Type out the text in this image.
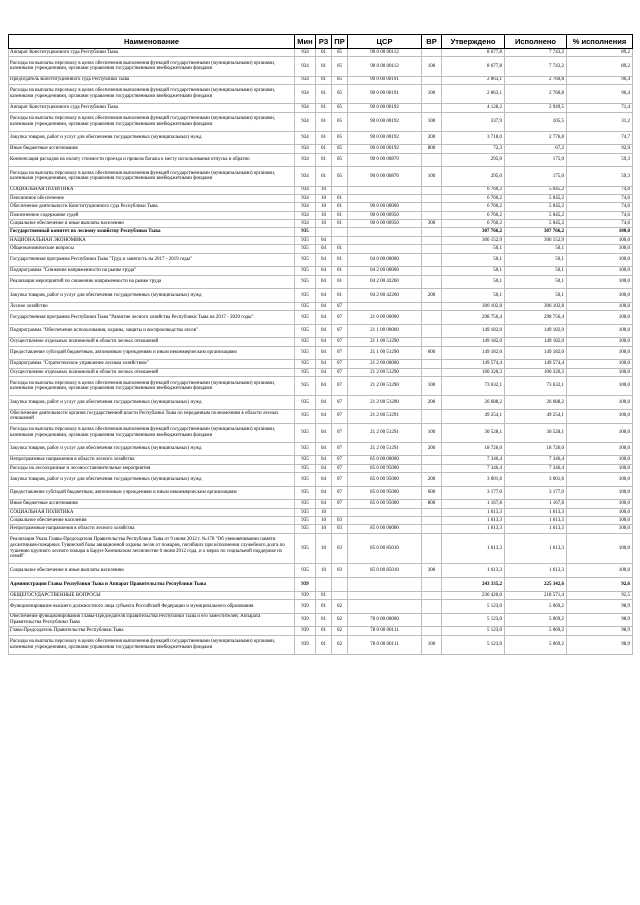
Наименование	Мин	РЗ	ПР	ЦСР	ВР	Утверждено	Исполнено	% исполнения
Аппарат Конституционного суда Республики Тыва	934	01	05	90 0 00 00112		8 677,8	7 743,2	89,2
Расходы на выплаты персоналу в целях обеспечения выполнения функций государственными (муниципальными) органами, казенными учреждениями, органами управления государственными внебюджетными фондами	934	01	05	90 0 00 00112	100	8 677,8	7 743,2	89,2
Председатель Конституционного суда Республики Тыва	934	01	05	90 0 00 00191		2 863,1	2 760,8	96,4
Расходы на выплаты персоналу в целях обеспечения выполнения функций государственными (муниципальными) органами, казенными учреждениями, органами управления государственными внебюджетными фондами	934	01	05	90 0 00 00191	100	2 863,1	2 760,8	96,4
Аппарат Конституционного суда Республики Тыва	934	01	05	90 0 00 00192		4 128,2	2 949,5	71,4
Расходы на выплаты персоналу в целях обеспечения выполнения функций государственными (муниципальными) органами, казенными учреждениями, органами управления государственными внебюджетными фондами	934	01	05	90 0 00 00192	100	337,9	105,5	31,2
Закупка товаров, работ и услуг для обеспечения государственных (муниципальных) нужд	934	01	05	90 0 00 00192	200	3 718,0	2 776,8	74,7
Иные бюджетные ассигнования	934	01	05	90 0 00 00192	800	72,3	67,2	92,9
Компенсация расходов на оплату стоимости проезда и провоза багажа к месту использования отпуска и обратно	934	01	05	90 0 00 00870		295,0	175,0	59,3
Расходы на выплаты персоналу в целях обеспечения выполнения функций государственными (муниципальными) органами, казенными учреждениями, органами управления государственными внебюджетными фондами	934	01	05	90 0 00 00870	100	295,0	175,0	59,3
СОЦИАЛЬНАЯ ПОЛИТИКА	934	10				6 760,2	5 045,2	74,6
Пенсионное обеспечение	934	10	01			6 760,2	5 045,2	74,6
Обеспечение деятельности Конституционного суда Республики Тыва	934	10	01	90 0 00 00000		6 760,2	5 045,2	74,6
Пожизненное содержание судей	934	10	01	90 0 00 00950		6 760,2	5 045,2	74,6
Социальное обеспечение и иные выплаты населению	934	10	01	90 0 00 00950	300	6 760,2	5 045,2	74,6
Государственный комитет по лесному хозяйству Республики Тыва	935					307 766,2	307 766,2	100,0
НАЦИОНАЛЬНАЯ ЭКОНОМИКА	935	04				306 152,9	306 152,9	100,0
Общеэкономические вопросы	935	04	01			50,1	50,1	100,0
Государственная программа Республики Тыва "Труд и занятость на 2017 - 2019 годы"	935	04	01	04 0 00 00000		50,1	50,1	100,0
Подпрограмма "Снижение напряженности на рынке труда"	935	04	01	04 2 00 00000		50,1	50,1	100,0
Реализация мероприятий по снижению напряженности на рынке труда	935	04	01	04 2 00 42260		50,1	50,1	100,0
Закупка товаров, работ и услуг для обеспечения государственных (муниципальных) нужд	935	04	01	04 2 00 42260	200	50,1	50,1	100,0
Лесное хозяйство	935	04	07			306 102,8	306 102,8	100,0
Государственная программа Республики Тыва "Развитие лесного хозяйства Республики Тыва на 2017 - 2020 годы"	935	04	07	21 0 00 00000		298 756,4	298 756,4	100,0
Подпрограмма "Обеспечение использования, охраны, защиты и воспроизводства лесов"	935	04	07	21 1 00 00000		149 182,0	149 182,0	100,0
Осуществление отдельных полномочий в области лесных отношений	935	04	07	21 1 00 51290		149 182,0	149 182,0	100,0
Предоставление субсидий бюджетным, автономным учреждениям и иным некоммерческим организациям	935	04	07	21 1 00 51290	600	149 182,0	149 182,0	100,0
Подпрограмма "Стратегическое управление лесным хозяйством"	935	04	07	21 2 00 00000		149 574,4	149 574,4	100,0
Осуществление отдельных полномочий в области лесных отношений	935	04	07	21 2 00 51290		100 320,3	100 320,3	100,0
Расходы на выплаты персоналу в целях обеспечения выполнения функций государственными (муниципальными) органами, казенными учреждениями, органами управления государственными внебюджетными фондами	935	04	07	21 2 00 51290	100	73 632,1	73 632,1	100,0
Закупка товаров, работ и услуг для обеспечения государственных (муниципальных) нужд	935	04	07	21 2 00 51290	200	26 688,2	26 688,2	100,0
Обеспечение деятельности органов государственной власти Республики Тыва по переданным полномочиям в области лесных отношений	935	04	07	21 2 00 51291		49 254,1	49 254,1	100,0
Расходы на выплаты персоналу в целях обеспечения выполнения функций государственными (муниципальными) органами, казенными учреждениями, органами управления государственными внебюджетными фондами	935	04	07	21 2 00 51291	100	30 528,1	30 528,1	100,0
Закупка товаров, работ и услуг для обеспечения государственных (муниципальных) нужд	935	04	07	21 2 00 51291	200	18 726,0	18 726,0	100,0
Непрограммные направления в области лесного хозяйства	935	04	07	85 0 00 00000		7 346,4	7 346,4	100,0
Расходы на лесоохранные и лесовосстановительные мероприятия	935	04	07	85 0 00 95000		7 346,4	7 346,4	100,0
Закупка товаров, работ и услуг для обеспечения государственных (муниципальных) нужд	935	04	07	85 0 00 95000	200	3 001,6	3 001,6	100,0
Предоставление субсидий бюджетным, автономным учреждениям и иным некоммерческим организациям	935	04	07	85 0 00 95000	600	3 177,0	3 177,0	100,0
Иные бюджетные ассигнования	935	04	07	85 0 00 95000	800	1 167,8	1 167,8	100,0
СОЦИАЛЬНАЯ ПОЛИТИКА	935	10				1 613,3	1 613,3	100,0
Социальное обеспечение населения	935	10	03			1 613,3	1 613,3	100,0
Непрограммные направления в области лесного хозяйства	935	10	03	85 0 00 00000		1 613,3	1 613,3	100,0
Реализация Указа Главы-Председателя Правительства Республики Тыва от 9 июня 2012 г. №178 "Об увековечивании памяти десантников-пожарных Тувинской базы авиационной охраны лесов от пожаров, погибших при исполнении служебного долга по тушению крупного лесного пожара в Барун-Хемчикском лесничестве 6 июня 2012 года, и о мерах по социальной поддержке их семей"	935	10	03	85 0 00 85010		1 613,3	1 613,3	100,0
Социальное обеспечение и иные выплаты населению	935	10	03	85 0 00 85010	300	1 613,3	1 613,3	100,0
Администрация Главы Республики Тыва и Аппарат Правительства Республики Тыва	939					243 335,2	225 342,6	92,6
ОБЩЕГОСУДАРСТВЕННЫЕ ВОПРОСЫ	939	01				236 420,0	218 571,4	92,5
Функционирование высшего должностного лица субъекта Российской Федерации и муниципального образования	939	01	02			5 123,0	5 069,2	98,9
Обеспечение функционирования Главы-Председателя Правительства Республики Тыва и его заместителей, Аппарата Правительства Республики Тыва	939	01	02	78 0 00 00000		5 123,0	5 069,2	98,9
Глава-Председатель Правительства Республики Тыва	939	01	02	78 0 00 00111		5 123,0	5 069,2	98,9
Расходы на выплаты персоналу в целях обеспечения выполнения функций государственными (муниципальными) органами, казенными учреждениями, органами управления государственными внебюджетными фондами	939	01	02	78 0 00 00111	100	5 123,0	5 069,2	98,9
